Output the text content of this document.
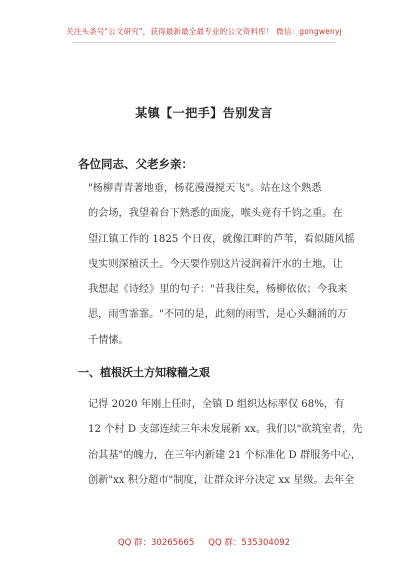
关注头条号"公文研究"，获得最新最全最专业的公文资料库！ 微信：gongwenyj
某镇【一把手】告别发言
各位同志、父老乡亲：
"杨柳青青著地垂，杨花漫漫搅天飞"。站在这个熟悉
的会场，我望着台下熟悉的面庞，喉头竟有千钧之重。在
望江镇工作的 1825 个日夜，就像江畔的芦苇，看似随风摇
曳实则深植沃土。今天要作别这片浸润着汗水的土地，让
我想起《诗经》里的句子："昔我往矣，杨柳依依；今我来
思，雨雪霏霏。"不同的是，此刻的雨雪，是心头翻涌的万
千情愫。
一、植根沃土方知稼穑之艰
记得 2020 年刚上任时，全镇 D 组织达标率仅 68%，有
12 个村 D 支部连续三年未发展新 xx。我们以"欲筑室者，先
治其基"的魄力，在三年内新建 21 个标准化 D 群服务中心，
创新"xx 积分超市"制度，让群众评分决定 xx 星级。去年全
QQ 群：30265665 QQ 群：535304092
